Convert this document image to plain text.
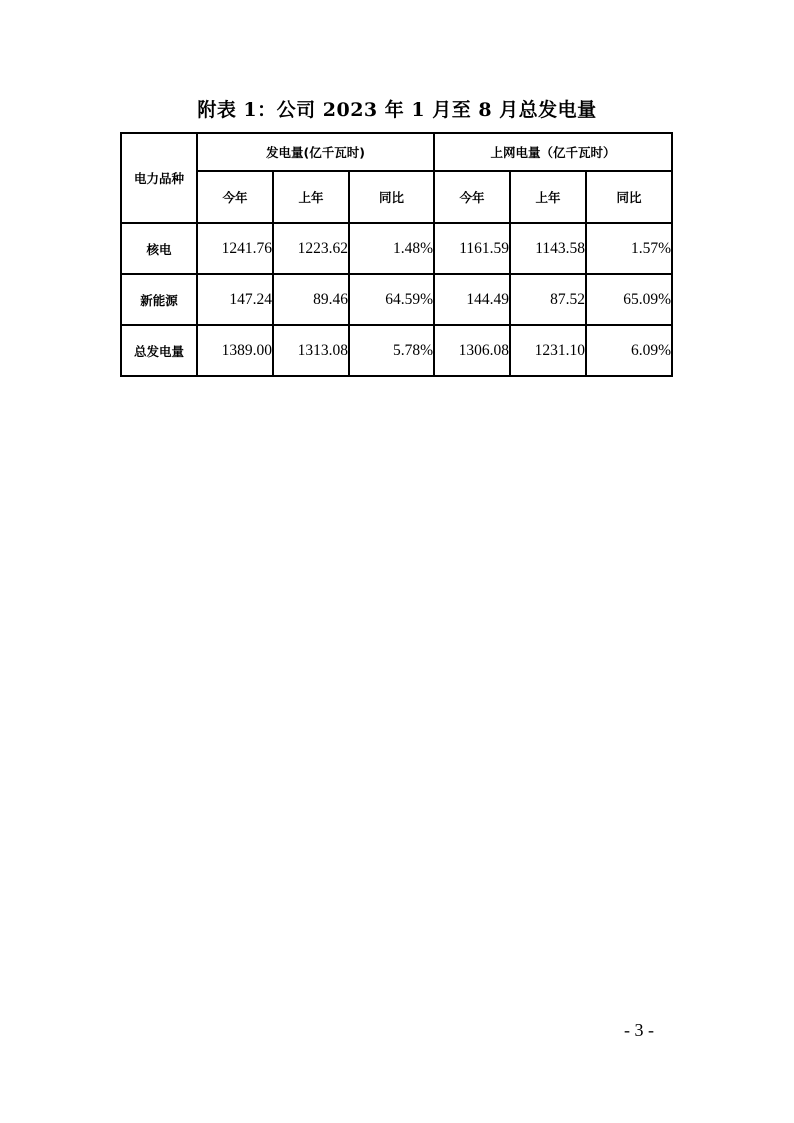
附表 1：公司 2023 年 1 月至 8 月总发电量
电力品种	发电量(亿千瓦时)			上网电量（亿千瓦时）		
	今年	上年	同比	今年	上年	同比
核电	1241.76	1223.62	1.48%	1161.59	1143.58	1.57%
新能源	147.24	89.46	64.59%	144.49	87.52	65.09%
总发电量	1389.00	1313.08	5.78%	1306.08	1231.10	6.09%
- 3 -
